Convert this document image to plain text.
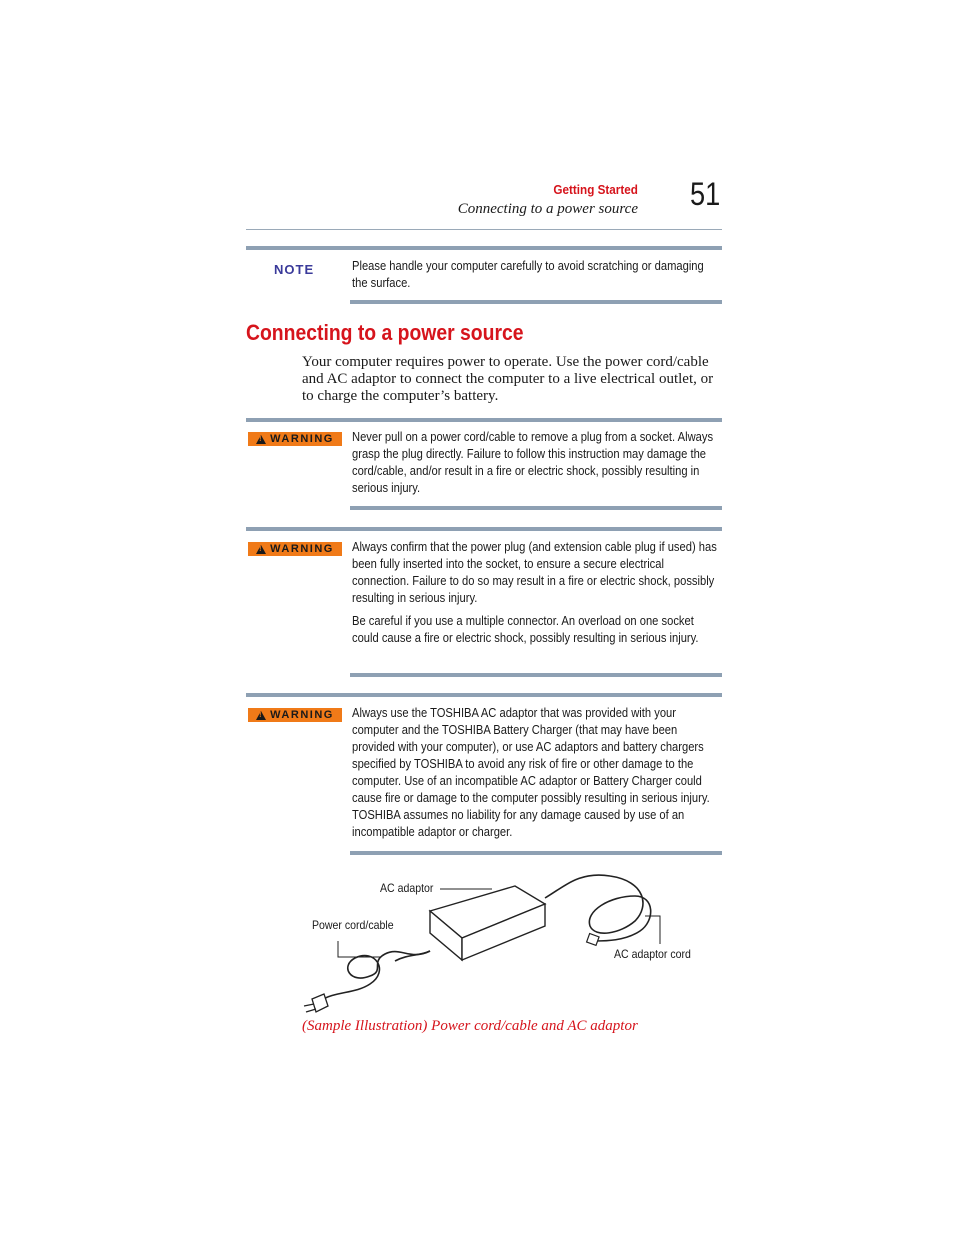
Getting Started
Connecting to a power source 51
NOTE	Please handle your computer carefully to avoid scratching or damaging the surface.
Connecting to a power source
Your computer requires power to operate. Use the power cord/cable and AC adaptor to connect the computer to a live electrical outlet, or to charge the computer’s battery.
!
WARNING Never pull on a power cord/cable to remove a plug from a socket. Always grasp the plug directly. Failure to follow this instruction may damage the cord/cable, and/or result in a fire or electric shock, possibly resulting in serious injury.
!
WARNING Always confirm that the power plug (and extension cable plug if used) has been fully inserted into the socket, to ensure a secure electrical connection. Failure to do so may result in a fire or electric shock, possibly resulting in serious injury.
Be careful if you use a multiple connector. An overload on one socket could cause a fire or electric shock, possibly resulting in serious injury.
!
WARNING Always use the TOSHIBA AC adaptor that was provided with your computer and the TOSHIBA Battery Charger (that may have been provided with your computer), or use AC adaptors and battery chargers specified by TOSHIBA to avoid any risk of fire or other damage to the computer. Use of an incompatible AC adaptor or Battery Charger could cause fire or damage to the computer possibly resulting in serious injury. TOSHIBA assumes no liability for any damage caused by use of an incompatible adaptor or charger.
AC adaptor
Power cord/cable
AC adaptor cord
(Sample Illustration) Power cord/cable and AC adaptor
